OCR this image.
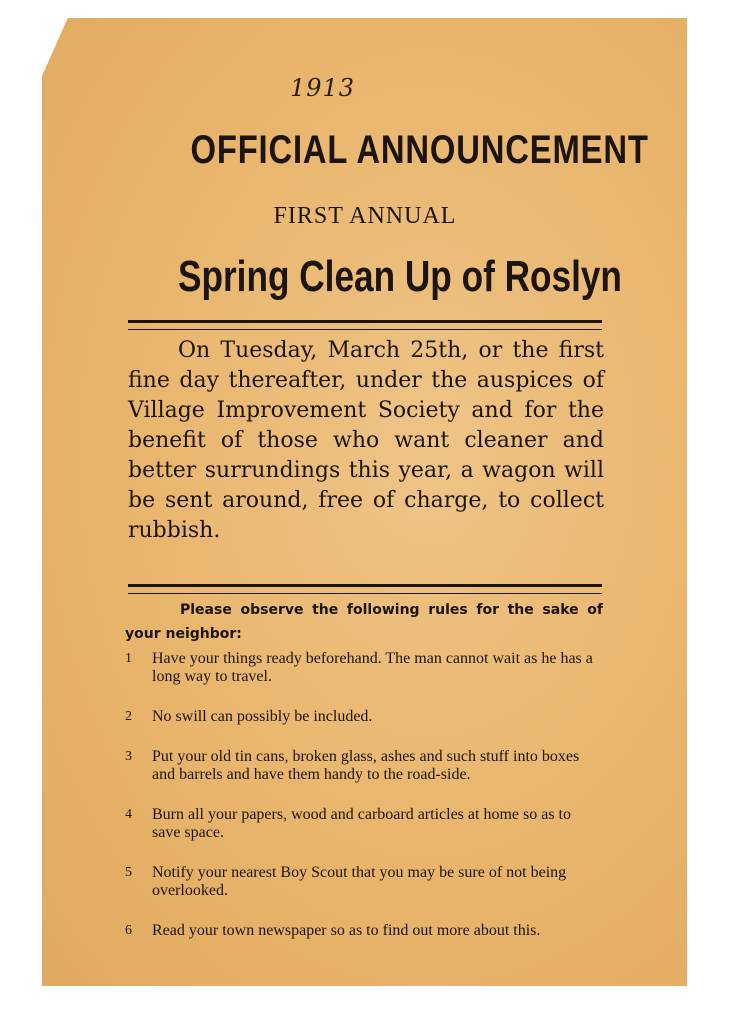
1913
OFFICIAL ANNOUNCEMENT
FIRST ANNUAL
Spring Clean Up of Roslyn

On Tuesday, March 25th, or the first fine day thereafter, under the auspices of Village Improvement Society and for the benefit of those who want cleaner and better surrundings this year, a wagon will be sent around, free of charge, to collect rubbish.

Please observe the following rules for the sake of your neighbor:

1 Have your things ready beforehand. The man cannot wait as he has a long way to travel.
2 No swill can possibly be included.
3 Put your old tin cans, broken glass, ashes and such stuff into boxes and barrels and have them handy to the road-side.
4 Burn all your papers, wood and carboard articles at home so as to save space.
5 Notify your nearest Boy Scout that you may be sure of not being overlooked.
6 Read your town newspaper so as to find out more about this.
